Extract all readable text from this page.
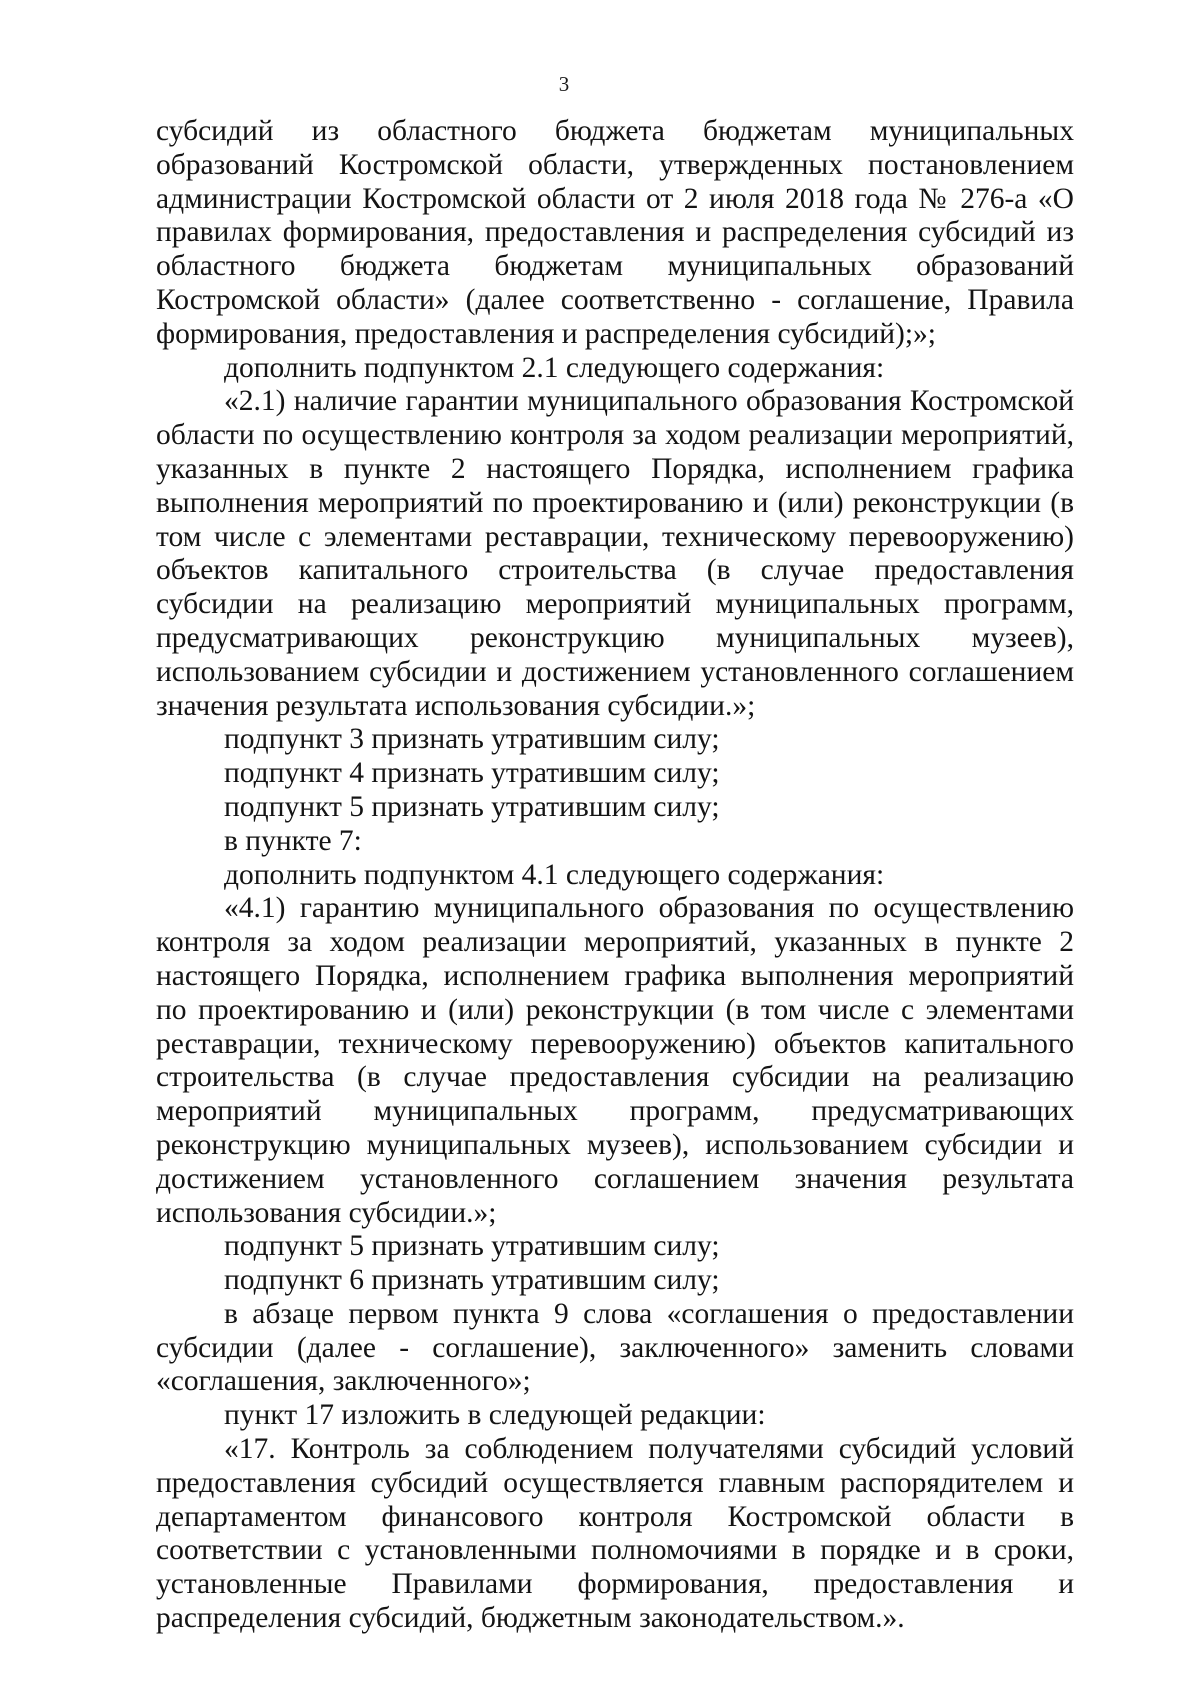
3

субсидий из областного бюджета бюджетам муниципальных образований Костромской области, утвержденных постановлением администрации Костромской области от 2 июля 2018 года № 276-а «О правилах формирования, предоставления и распределения субсидий из областного бюджета бюджетам муниципальных образований Костромской области» (далее соответственно - соглашение, Правила формирования, предоставления и распределения субсидий);»;

дополнить подпунктом 2.1 следующего содержания:

«2.1) наличие гарантии муниципального образования Костромской области по осуществлению контроля за ходом реализации мероприятий, указанных в пункте 2 настоящего Порядка, исполнением графика выполнения мероприятий по проектированию и (или) реконструкции (в том числе с элементами реставрации, техническому перевооружению) объектов капитального строительства (в случае предоставления субсидии на реализацию мероприятий муниципальных программ, предусматривающих реконструкцию муниципальных музеев), использованием субсидии и достижением установленного соглашением значения результата использования субсидии.»;

подпункт 3 признать утратившим силу;

подпункт 4 признать утратившим силу;

подпункт 5 признать утратившим силу;

в пункте 7:

дополнить подпунктом 4.1 следующего содержания:

«4.1) гарантию муниципального образования по осуществлению контроля за ходом реализации мероприятий, указанных в пункте 2 настоящего Порядка, исполнением графика выполнения мероприятий по проектированию и (или) реконструкции (в том числе с элементами реставрации, техническому перевооружению) объектов капитального строительства (в случае предоставления субсидии на реализацию мероприятий муниципальных программ, предусматривающих реконструкцию муниципальных музеев), использованием субсидии и достижением установленного соглашением значения результата использования субсидии.»;

подпункт 5 признать утратившим силу;

подпункт 6 признать утратившим силу;

в абзаце первом пункта 9 слова «соглашения о предоставлении субсидии (далее - соглашение), заключенного» заменить словами «соглашения, заключенного»;

пункт 17 изложить в следующей редакции:

«17. Контроль за соблюдением получателями субсидий условий предоставления субсидий осуществляется главным распорядителем и департаментом финансового контроля Костромской области в соответствии с установленными полномочиями в порядке и в сроки, установленные Правилами формирования, предоставления и распределения субсидий, бюджетным законодательством.».
